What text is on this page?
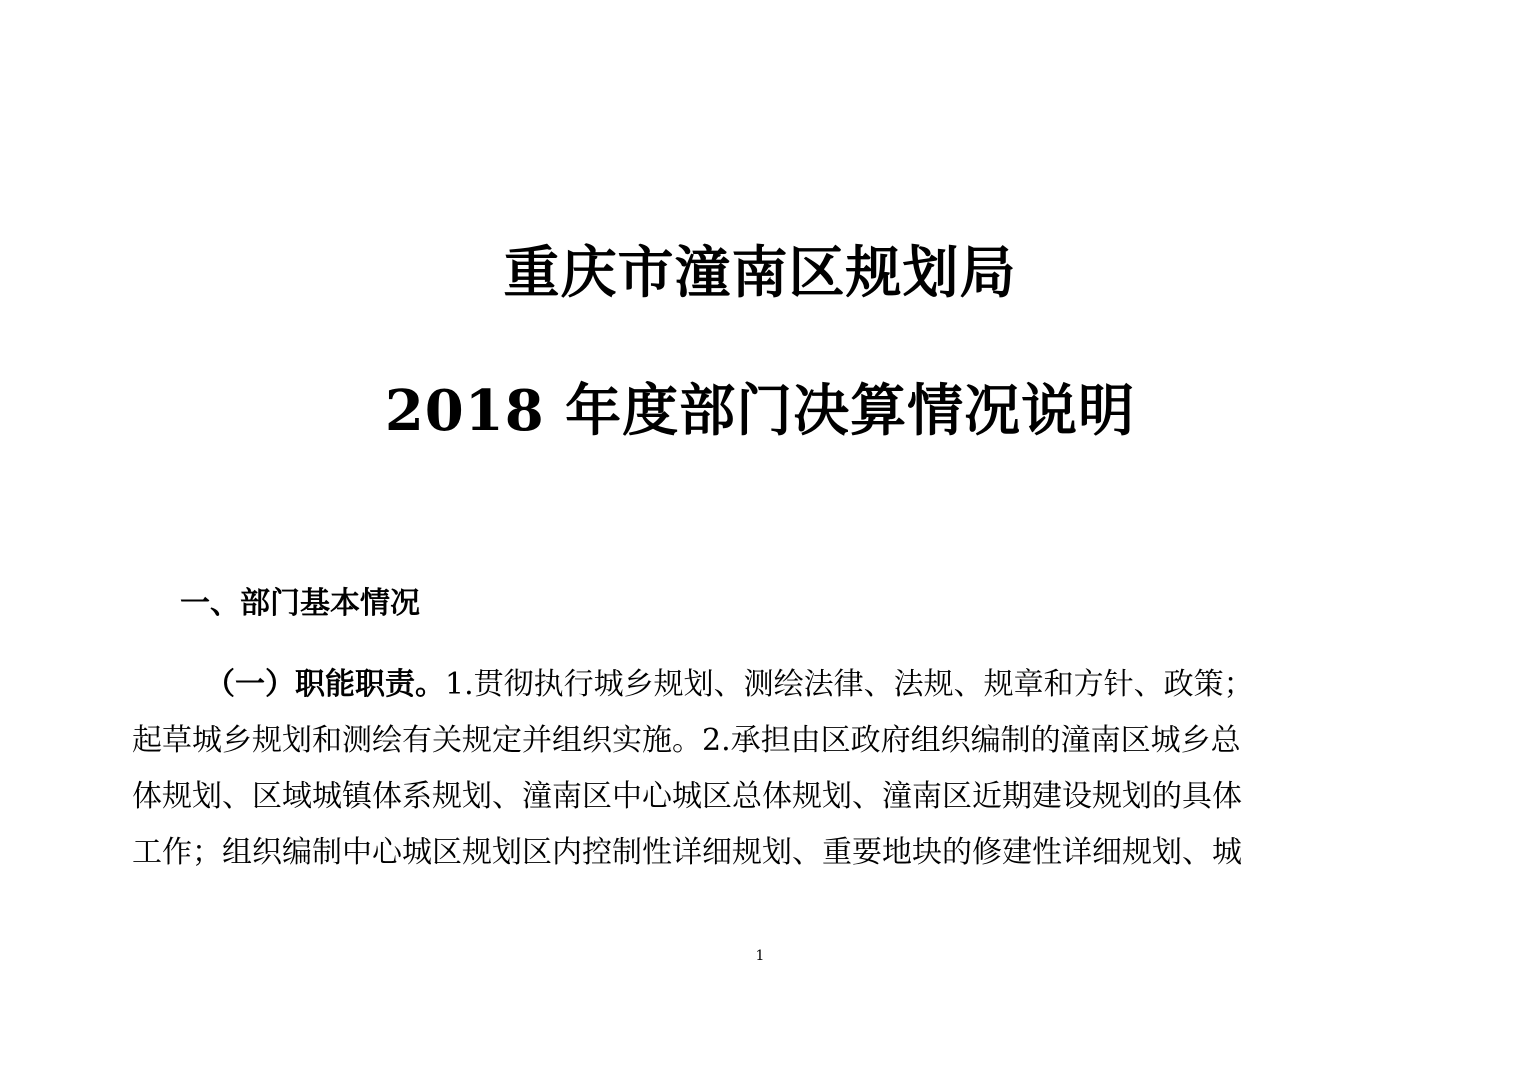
重庆市潼南区规划局
2018 年度部门决算情况说明
一、部门基本情况
（一）职能职责。1.贯彻执行城乡规划、测绘法律、法规、规章和方针、政策；
起草城乡规划和测绘有关规定并组织实施。2.承担由区政府组织编制的潼南区城乡总
体规划、区域城镇体系规划、潼南区中心城区总体规划、潼南区近期建设规划的具体
工作；组织编制中心城区规划区内控制性详细规划、重要地块的修建性详细规划、城
1
